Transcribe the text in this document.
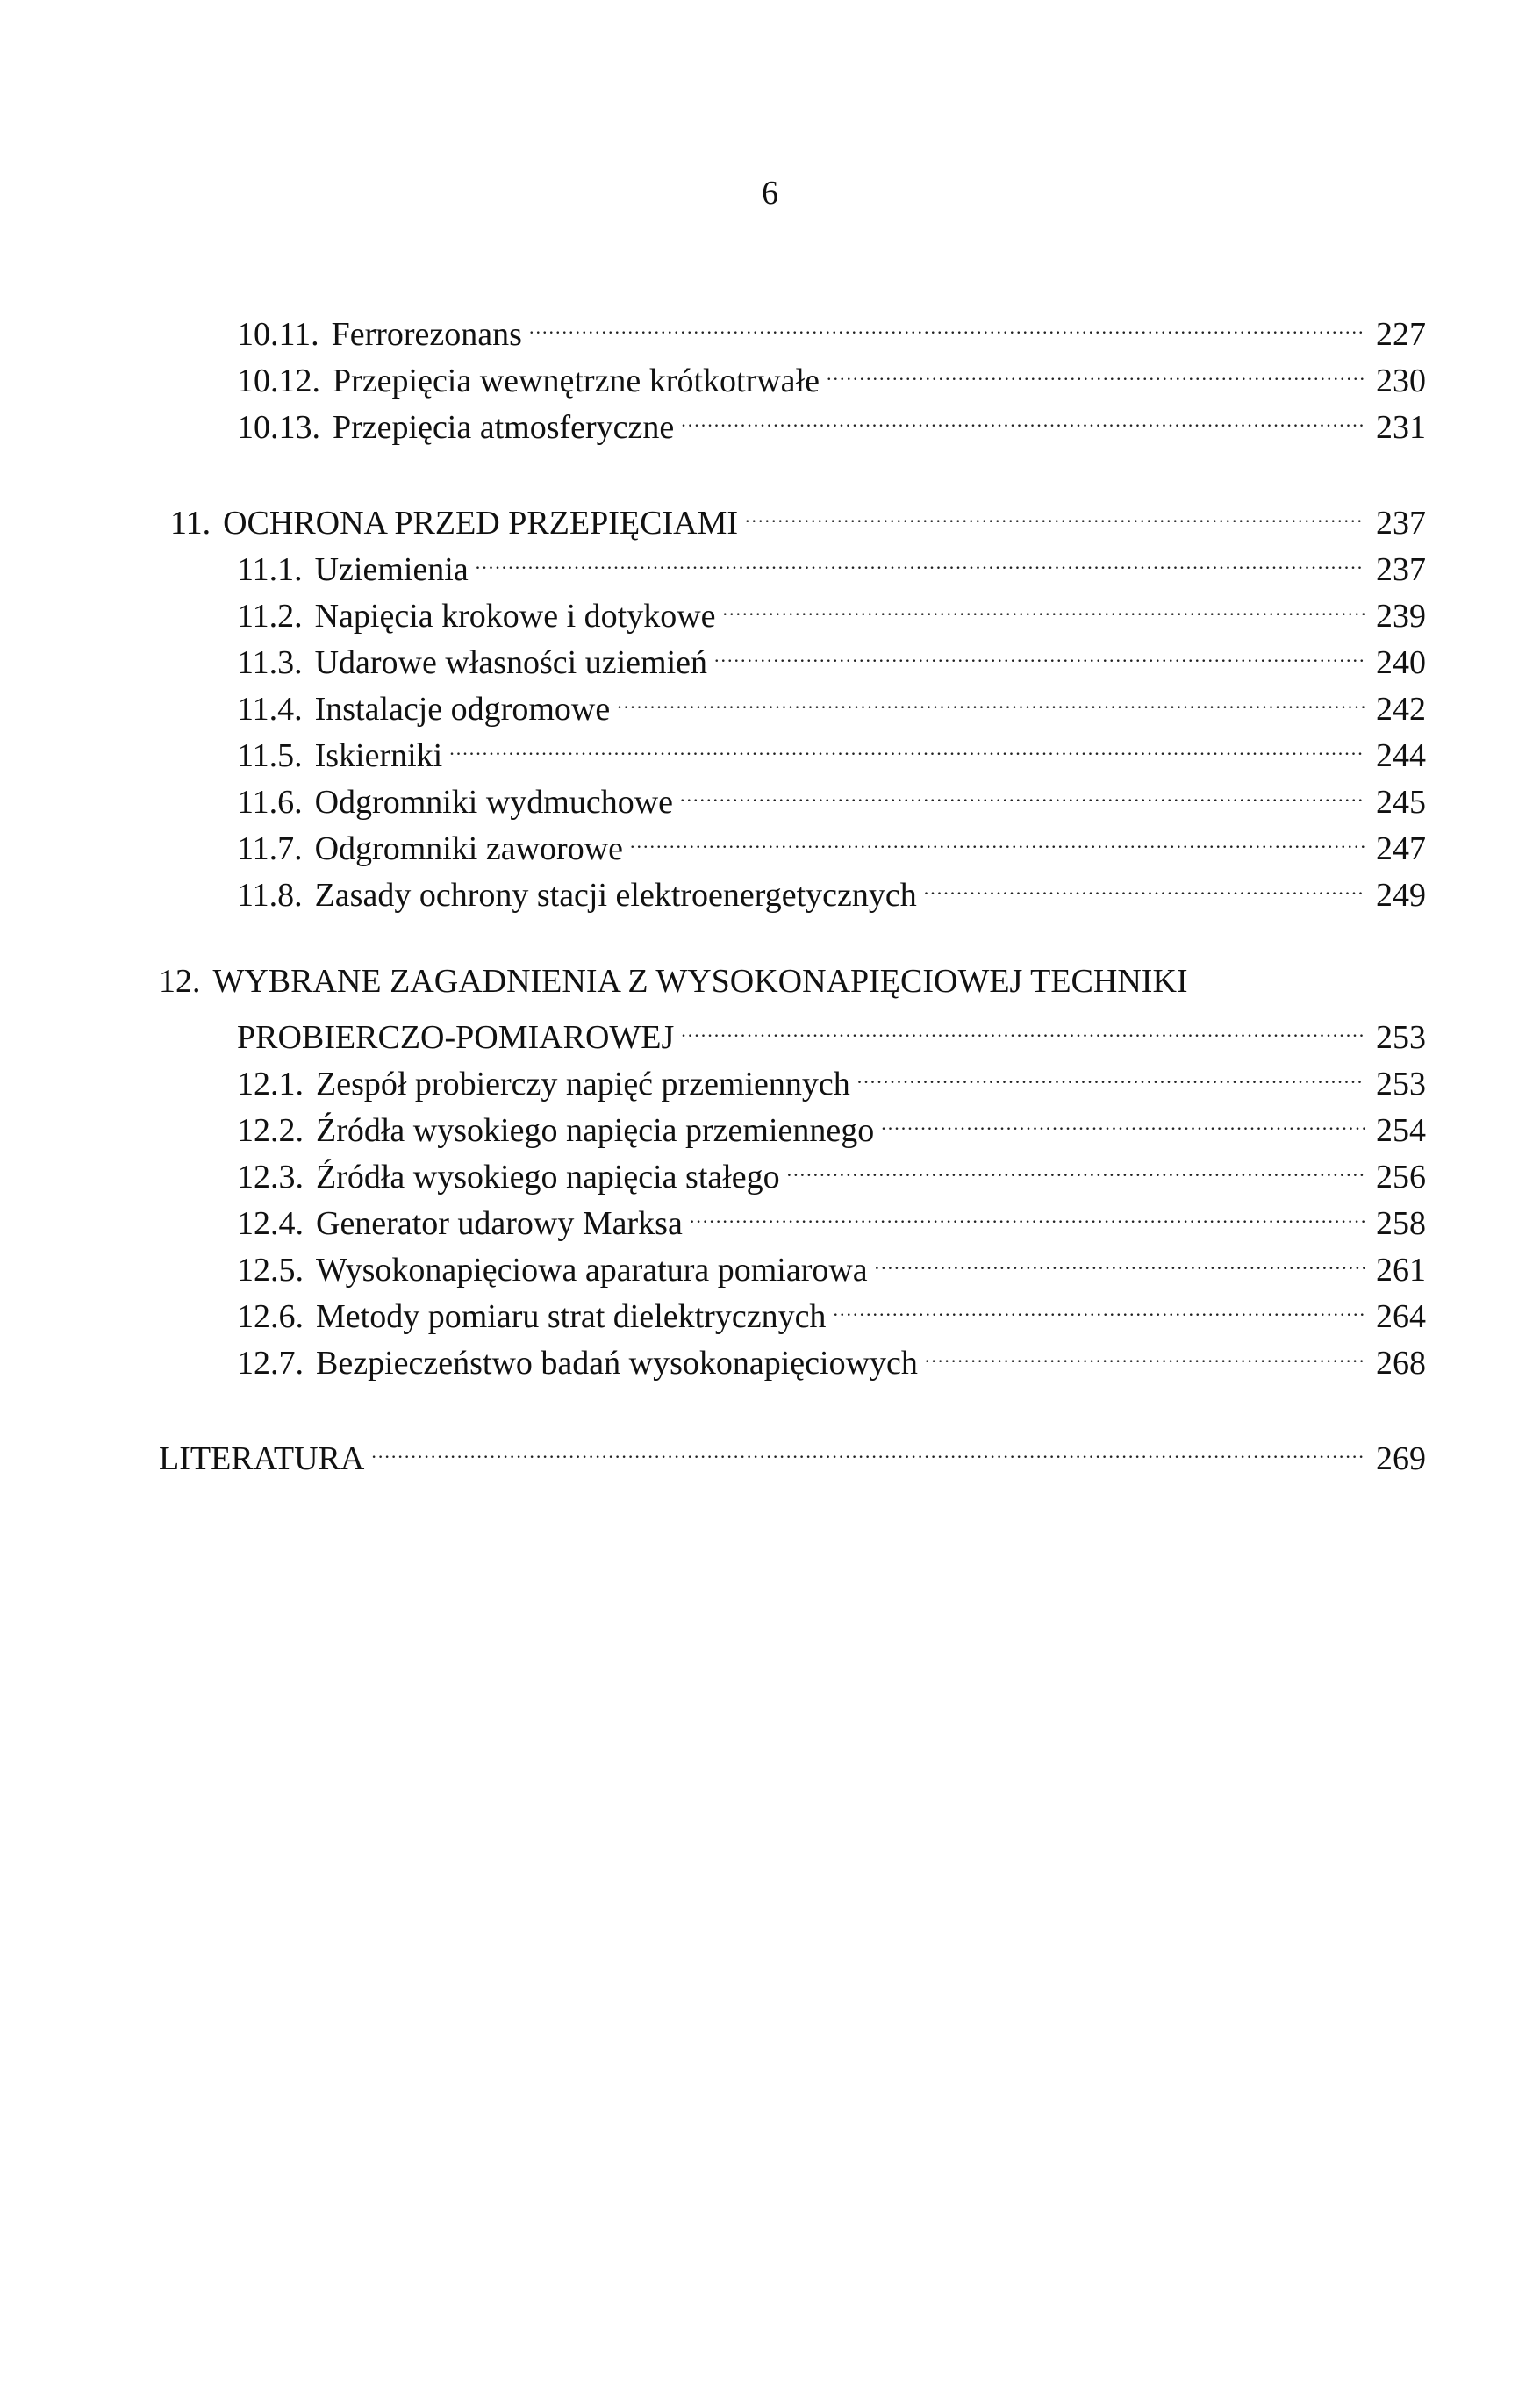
6
10.11. Ferrorezonans .....	227
10.12. Przepięcia wewnętrzne krótkotrwałe .....	230
10.13. Przepięcia atmosferyczne .....	231
11. OCHRONA PRZED PRZEPIĘCIAMI .....	237
11.1. Uziemienia .....	237
11.2. Napięcia krokowe i dotykowe .....	239
11.3. Udarowe własności uziemień .....	240
11.4. Instalacje odgromowe .....	242
11.5. Iskierniki .....	244
11.6. Odgromniki wydmuchowe .....	245
11.7. Odgromniki zaworowe .....	247
11.8. Zasady ochrony stacji elektroenergetycznych .....	249
12. WYBRANE ZAGADNIENIA Z WYSOKONAPIĘCIOWEJ TECHNIKI
PROBIERCZO-POMIAROWEJ .....	253
12.1. Zespół probierczy napięć przemiennych .....	253
12.2. Źródła wysokiego napięcia przemiennego .....	254
12.3. Źródła wysokiego napięcia stałego .....	256
12.4. Generator udarowy Marksa .....	258
12.5. Wysokonapięciowa aparatura pomiarowa .....	261
12.6. Metody pomiaru strat dielektrycznych .....	264
12.7. Bezpieczeństwo badań wysokonapięciowych .....	268
LITERATURA .....	269
